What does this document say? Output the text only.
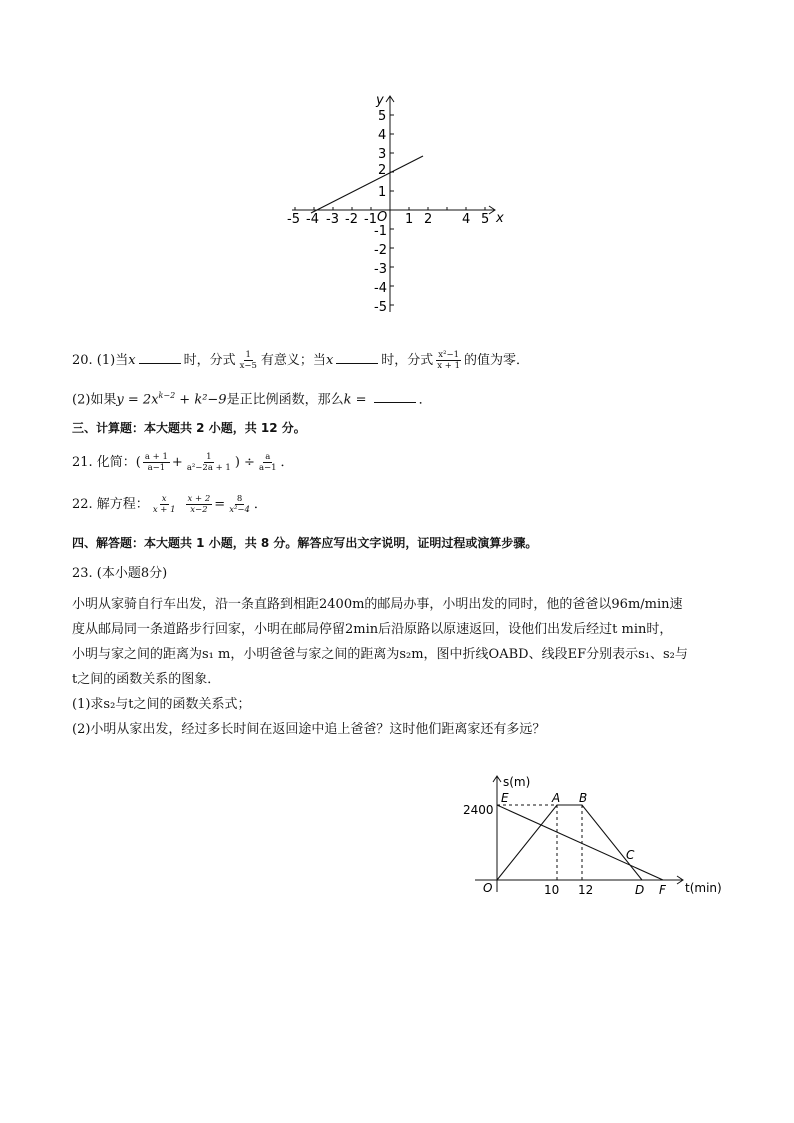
y
x
O
-5 -4 -3 -2 -1 1 2 4 5
5
4
3
2
1
-1
-2
-3
-4
-5
20. (1)当x	时，分式 $\frac{1}{x-5}$ 有意义；当x	时，分式 $\frac{\text{x²−1}}{x + 1}$ 的值为零．
(2)如果$y = 2x^{k-2} + k^2-9$是正比例函数，那么k =	．
三、计算题：本大题共 2 小题，共 12 分。
21. 化简：( $\frac{a + 1}{a-1} + \frac{1}{\text{a²−2a + 1}}$ ) ÷ $\frac{a}{a-1}$ ．
22. 解方程： $\frac{x}{x + 1} \frac{x + 2}{x-2} = \frac{8}{\text{x²−4}}$ ．
四、解答题：本大题共 1 小题，共 8 分。解答应写出文字说明，证明过程或演算步骤。
23. (本小题8分)
小明从家骑自行车出发，沿一条直路到相距2400m的邮局办事，小明出发的同时，他的爸爸以96m/min速
度从邮局同一条道路步行回家，小明在邮局停留2min后沿原路以原速返回，设他们出发后经过t min时，
小明与家之间的距离为s₁ m，小明爸爸与家之间的距离为s₂m，图中折线OABD、线段EF分别表示s₁、s₂与
t之间的函数关系的图象．
(1)求s₂与t之间的函数关系式；
(2)小明从家出发，经过多长时间在返回途中追上爸爸？这时他们距离家还有多远？
s(m)
t(min)
2400
10 12
E	A B
C
D F
O
